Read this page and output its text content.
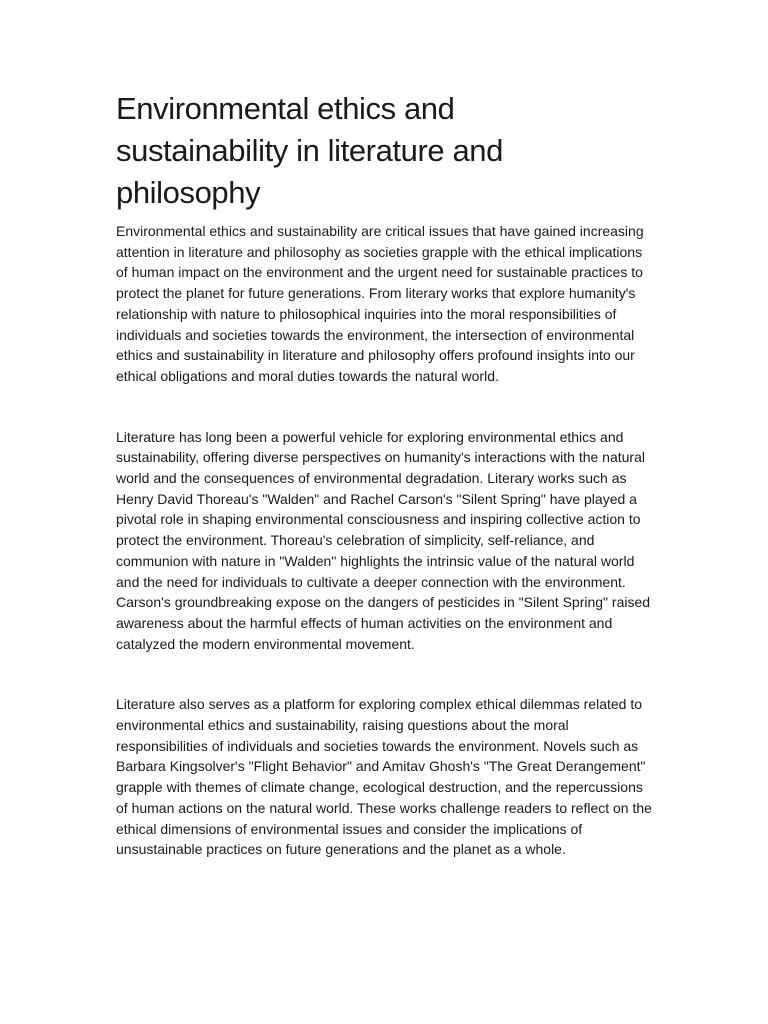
Environmental ethics and sustainability in literature and philosophy

Environmental ethics and sustainability are critical issues that have gained increasing attention in literature and philosophy as societies grapple with the ethical implications of human impact on the environment and the urgent need for sustainable practices to protect the planet for future generations. From literary works that explore humanity's relationship with nature to philosophical inquiries into the moral responsibilities of individuals and societies towards the environment, the intersection of environmental ethics and sustainability in literature and philosophy offers profound insights into our ethical obligations and moral duties towards the natural world.

Literature has long been a powerful vehicle for exploring environmental ethics and sustainability, offering diverse perspectives on humanity's interactions with the natural world and the consequences of environmental degradation. Literary works such as Henry David Thoreau's "Walden" and Rachel Carson's "Silent Spring" have played a pivotal role in shaping environmental consciousness and inspiring collective action to protect the environment. Thoreau's celebration of simplicity, self-reliance, and communion with nature in "Walden" highlights the intrinsic value of the natural world and the need for individuals to cultivate a deeper connection with the environment. Carson's groundbreaking expose on the dangers of pesticides in "Silent Spring" raised awareness about the harmful effects of human activities on the environment and catalyzed the modern environmental movement.

Literature also serves as a platform for exploring complex ethical dilemmas related to environmental ethics and sustainability, raising questions about the moral responsibilities of individuals and societies towards the environment. Novels such as Barbara Kingsolver's "Flight Behavior" and Amitav Ghosh's "The Great Derangement" grapple with themes of climate change, ecological destruction, and the repercussions of human actions on the natural world. These works challenge readers to reflect on the ethical dimensions of environmental issues and consider the implications of unsustainable practices on future generations and the planet as a whole.
